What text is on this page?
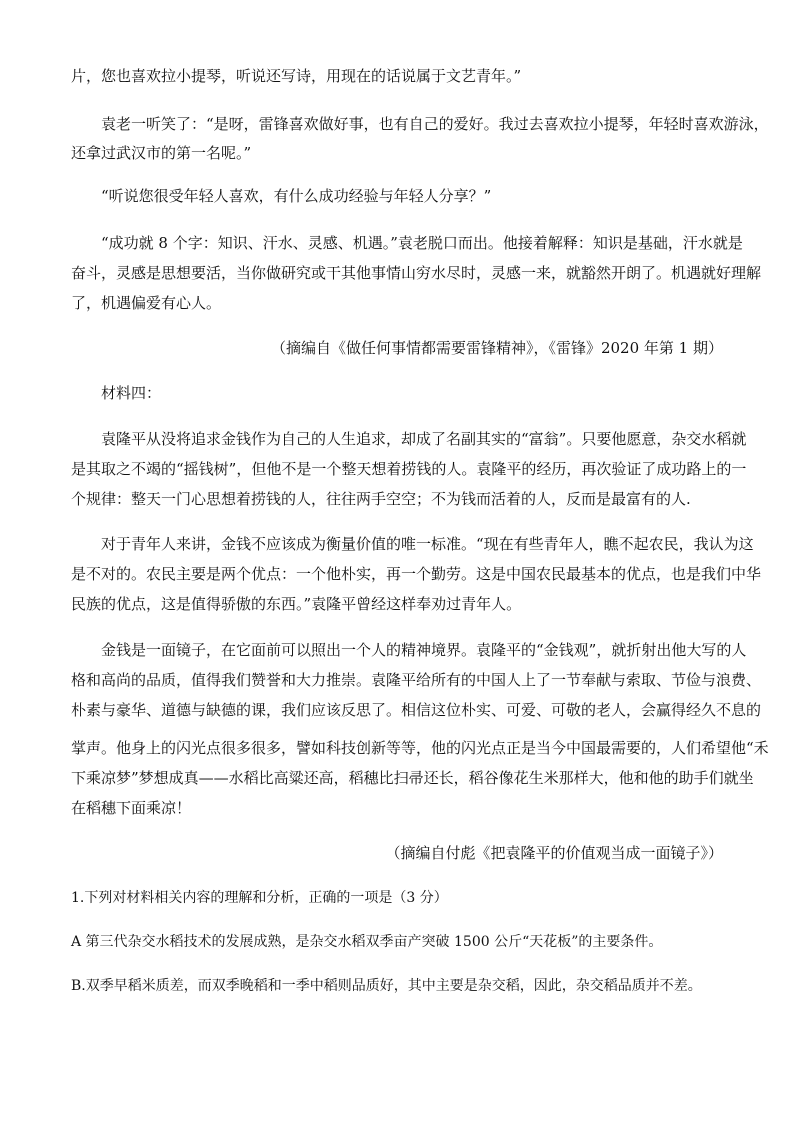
片，您也喜欢拉小提琴，听说还写诗，用现在的话说属于文艺青年。”
袁老一听笑了：“是呀，雷锋喜欢做好事，也有自己的爱好。我过去喜欢拉小提琴，年轻时喜欢游泳，
还拿过武汉市的第一名呢。”
“听说您很受年轻人喜欢，有什么成功经验与年轻人分享？”
“成功就 8 个字：知识、汗水、灵感、机遇。”袁老脱口而出。他接着解释：知识是基础，汗水就是
奋斗，灵感是思想要活，当你做研究或干其他事情山穷水尽时，灵感一来，就豁然开朗了。机遇就好理解
了，机遇偏爱有心人。
（摘编自《做任何事情都需要雷锋精神》，《雷锋》2020 年第 1 期）
材料四：
袁隆平从没将追求金钱作为自己的人生追求，却成了名副其实的“富翁”。只要他愿意，杂交水稻就
是其取之不竭的“摇钱树”，但他不是一个整天想着捞钱的人。袁隆平的经历，再次验证了成功路上的一
个规律：整天一门心思想着捞钱的人，往往两手空空；不为钱而活着的人，反而是最富有的人.
对于青年人来讲，金钱不应该成为衡量价值的唯一标准。“现在有些青年人，瞧不起农民，我认为这
是不对的。农民主要是两个优点：一个他朴实，再一个勤劳。这是中国农民最基本的优点，也是我们中华
民族的优点，这是值得骄傲的东西。”袁隆平曾经这样奉劝过青年人。
金钱是一面镜子，在它面前可以照出一个人的精神境界。袁隆平的“金钱观”，就折射出他大写的人
格和高尚的品质，值得我们赞誉和大力推崇。袁隆平给所有的中国人上了一节奉献与索取、节俭与浪费、
朴素与豪华、道德与缺德的课，我们应该反思了。相信这位朴实、可爱、可敬的老人，会赢得经久不息的
掌声。他身上的闪光点很多很多，譬如科技创新等等，他的闪光点正是当今中国最需要的，人们希望他“禾
下乘凉梦”梦想成真——水稻比高粱还高，稻穗比扫帚还长，稻谷像花生米那样大，他和他的助手们就坐
在稻穗下面乘凉！
（摘编自付彪《把袁隆平的价值观当成一面镜子》）
1.下列对材料相关内容的理解和分析，正确的一项是（3 分）
A 第三代杂交水稻技术的发展成熟，是杂交水稻双季亩产突破 1500 公斤“天花板”的主要条件。
B.双季早稻米质差，而双季晚稻和一季中稻则品质好，其中主要是杂交稻，因此，杂交稻品质并不差。
